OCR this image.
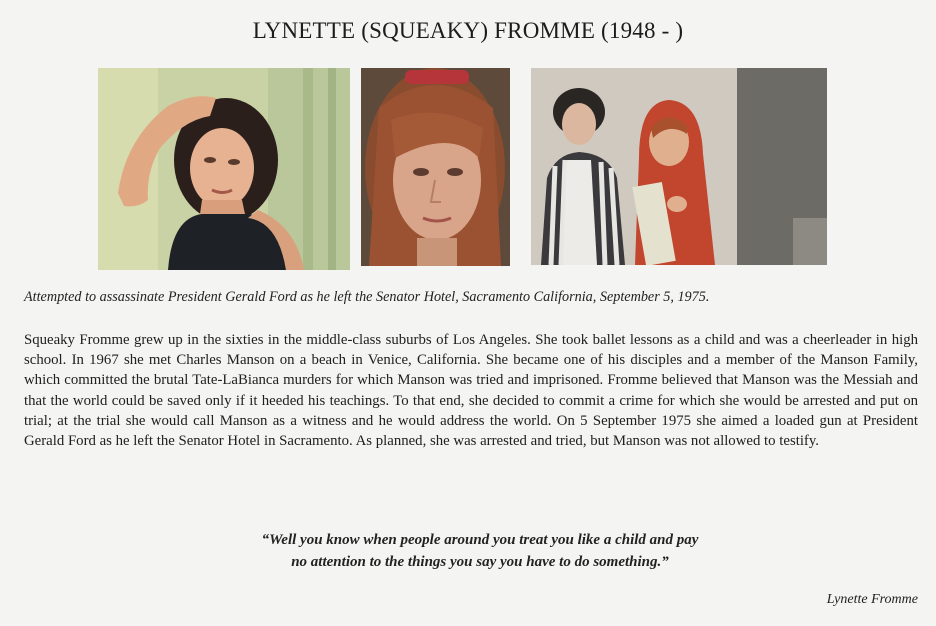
LYNETTE (SQUEAKY) FROMME (1948 - )
Attempted to assassinate President Gerald Ford as he left the Senator Hotel, Sacramento California, September 5, 1975.
Squeaky Fromme grew up in the sixties in the middle-class suburbs of Los Angeles. She took ballet lessons as a child and was a cheerleader in high school. In 1967 she met Charles Manson on a beach in Venice, California. She became one of his disciples and a member of the Manson Family, which committed the brutal Tate-LaBianca murders for which Manson was tried and imprisoned. Fromme believed that Manson was the Messiah and that the world could be saved only if it heeded his teachings. To that end, she decided to commit a crime for which she would be arrested and put on trial; at the trial she would call Manson as a witness and he would address the world. On 5 September 1975 she aimed a loaded gun at President Gerald Ford as he left the Senator Hotel in Sacramento. As planned, she was arrested and tried, but Manson was not allowed to testify.
“Well you know when people around you treat you like a child and pay
no attention to the things you say you have to do something.”
Lynette Fromme
